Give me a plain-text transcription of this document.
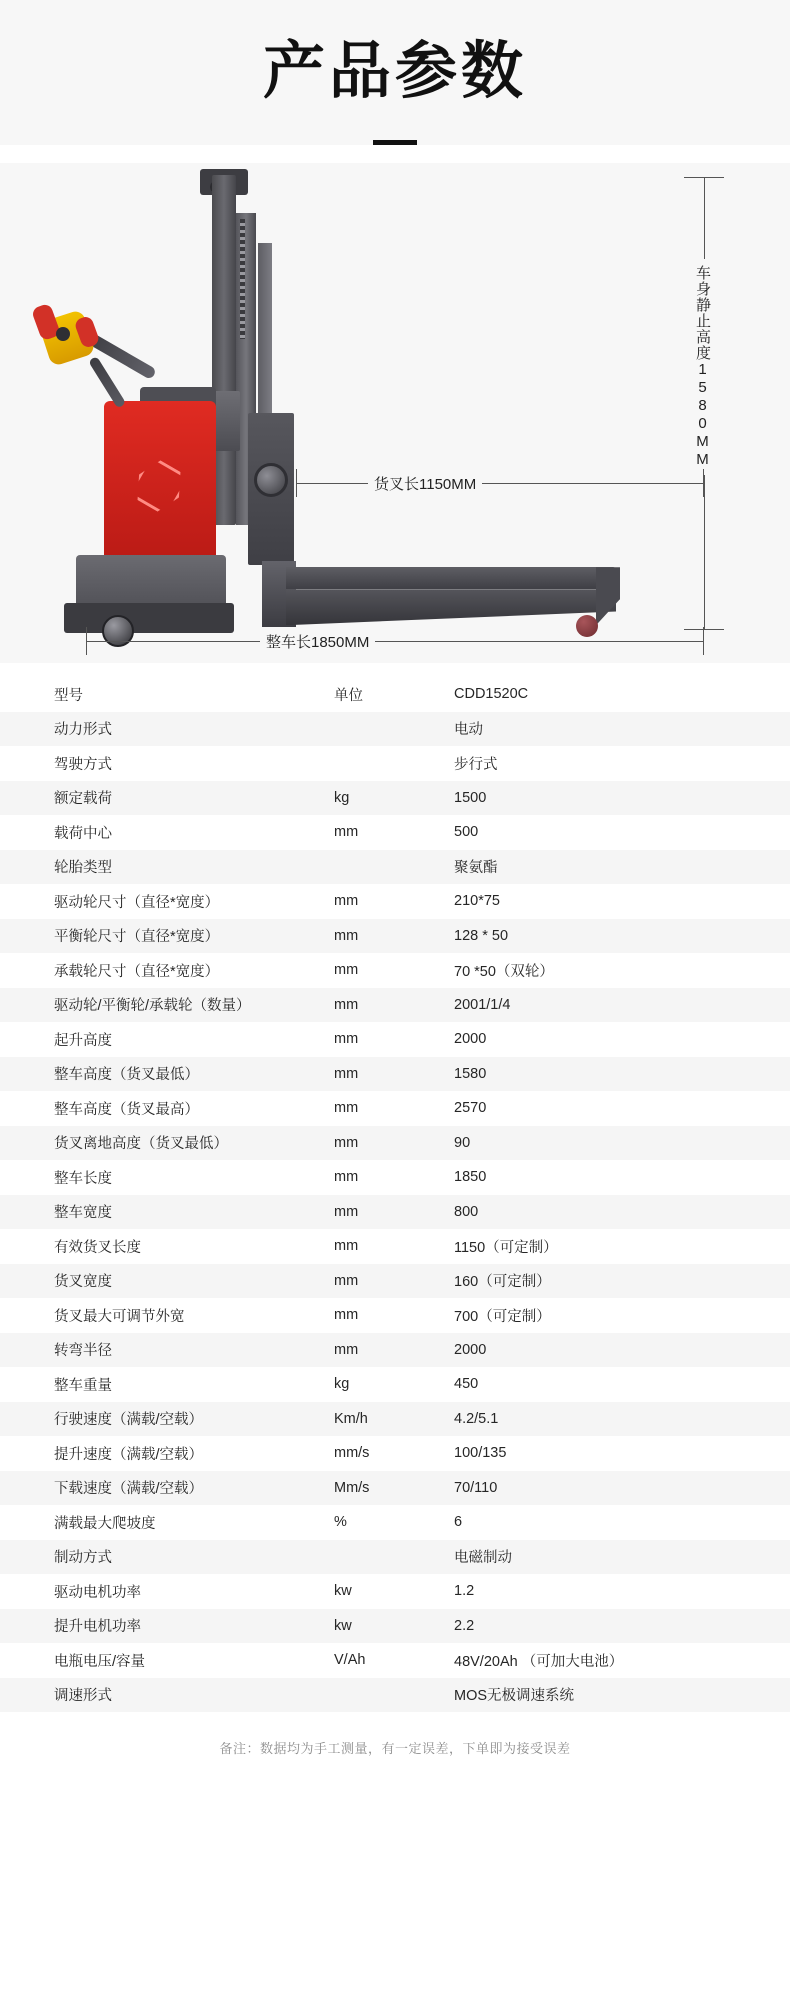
产品参数
车身静止高度1580MM
货叉长1150MM
整车长1850MM
型号	单位	CDD1520C
动力形式		电动
驾驶方式		步行式
额定载荷	kg	1500
载荷中心	mm	500
轮胎类型		聚氨酯
驱动轮尺寸（直径*宽度）	mm	210*75
平衡轮尺寸（直径*宽度）	mm	128 * 50
承载轮尺寸（直径*宽度）	mm	70 *50（双轮）
驱动轮/平衡轮/承载轮（数量）	mm	2001/1/4
起升高度	mm	2000
整车高度（货叉最低）	mm	1580
整车高度（货叉最高）	mm	2570
货叉离地高度（货叉最低）	mm	90
整车长度	mm	1850
整车宽度	mm	800
有效货叉长度	mm	1150（可定制）
货叉宽度	mm	160（可定制）
货叉最大可调节外宽	mm	700（可定制）
转弯半径	mm	2000
整车重量	kg	450
行驶速度（满载/空载）	Km/h	4.2/5.1
提升速度（满载/空载）	mm/s	100/135
下载速度（满载/空载）	Mm/s	70/110
满载最大爬坡度	%	6
制动方式		电磁制动
驱动电机功率	kw	1.2
提升电机功率	kw	2.2
电瓶电压/容量	V/Ah	48V/20Ah （可加大电池）
调速形式		MOS无极调速系统
备注：数据均为手工测量，有一定误差，下单即为接受误差
